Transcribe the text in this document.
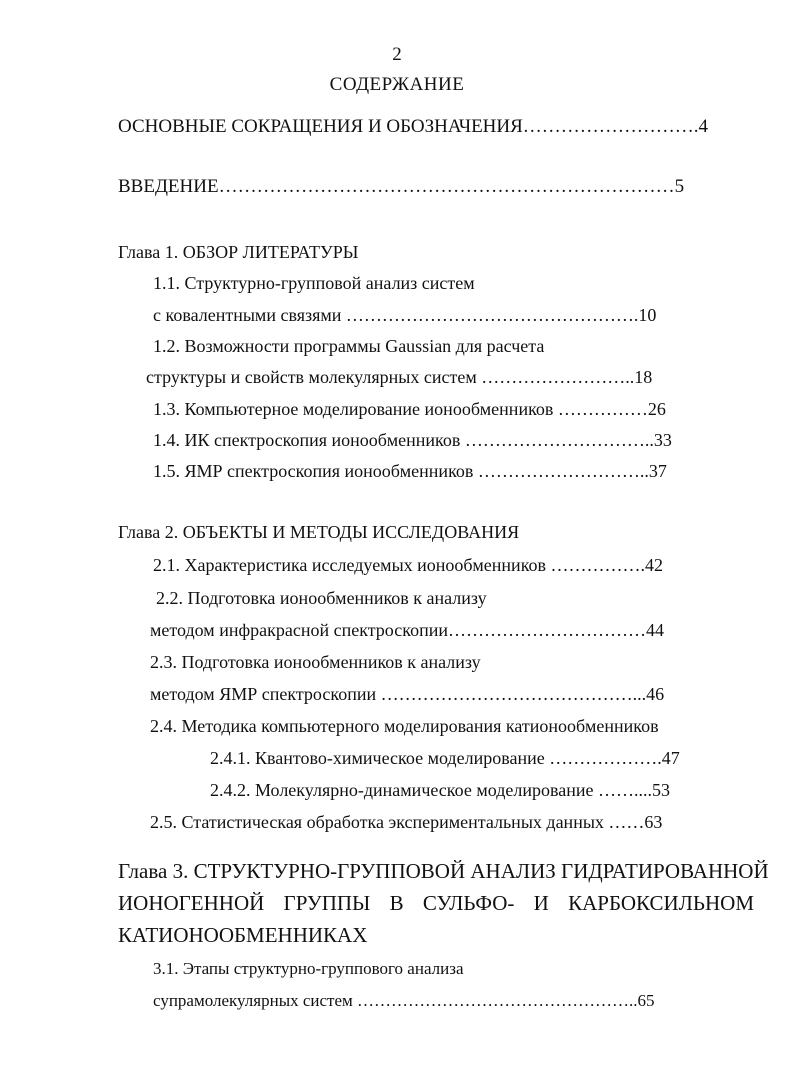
2
СОДЕРЖАНИЕ
ОСНОВНЫЕ СОКРАЩЕНИЯ И ОБОЗНАЧЕНИЯ……………………….4
ВВЕДЕНИЕ………………………………………………………………5
Глава 1. ОБЗОР ЛИТЕРАТУРЫ
1.1. Структурно-групповой анализ систем
с ковалентными связями ………………………………………….10
1.2. Возможности программы Gaussian для расчета
структуры и свойств молекулярных систем ……………………..18
1.3. Компьютерное моделирование ионообменников ……………26
1.4. ИК спектроскопия ионообменников …………………………..33
1.5. ЯМР спектроскопия ионообменников ………………………..37
Глава 2. ОБЪЕКТЫ И МЕТОДЫ ИССЛЕДОВАНИЯ
2.1. Характеристика исследуемых ионообменников …………….42
2.2. Подготовка ионообменников к анализу
методом инфракрасной спектроскопии……………………………44
2.3. Подготовка ионообменников к анализу
методом ЯМР спектроскопии ……………………………………...46
2.4. Методика компьютерного моделирования катионообменников
2.4.1. Квантово-химическое моделирование ……………….47
2.4.2. Молекулярно-динамическое моделирование ……....53
2.5. Статистическая обработка экспериментальных данных ……63
Глава 3. СТРУКТУРНО-ГРУППОВОЙ АНАЛИЗ ГИДРАТИРОВАННОЙ
ИОНОГЕННОЙ ГРУППЫ В СУЛЬФО- И КАРБОКСИЛЬНОМ
КАТИОНООБМЕННИКАХ
3.1. Этапы структурно-группового анализа
супрамолекулярных систем …………………………………………..65
